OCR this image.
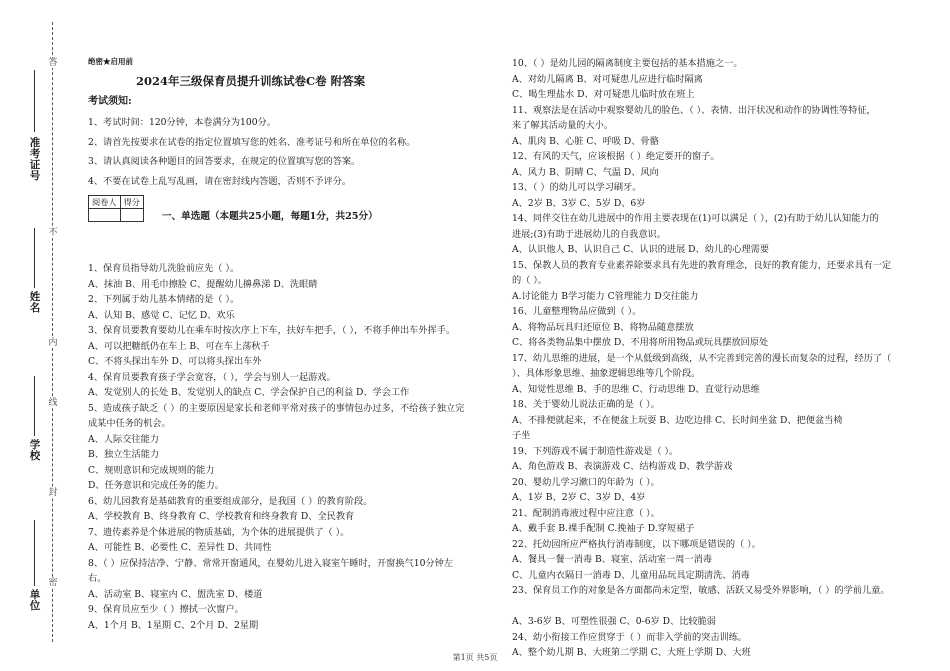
答
不
内
线
封
密
准考证号
姓名
学校
单位
绝密★启用前
2024年三级保育员提升训练试卷C卷 附答案
考试须知:
1、考试时间：120分钟，本卷满分为100分。
2、请首先按要求在试卷的指定位置填写您的姓名、准考证号和所在单位的名称。
3、请认真阅读各种题目的回答要求，在规定的位置填写您的答案。
4、不要在试卷上乱写乱画，请在密封线内答题，否则不予评分。
阅卷人	得分

一、单选题（本题共25小题，每题1分，共25分）
1、保育员指导幼儿洗脸前应先（ ）。
A、抹油 B、用毛巾擦脸 C、提醒幼儿擤鼻涕 D、洗眼睛
2、下列属于幼儿基本情绪的是（ ）。
A、认知 B、感觉 C、记忆 D、欢乐
3、保育员要教育要幼儿在乘车时按次序上下车，扶好车把手，（ ），不将手伸出车外挥手。
A、可以把糖纸仍在车上 B、可在车上荡秋千
C、不将头探出车外 D、可以将头探出车外
4、保育员要教育孩子学会宽容，（ ），学会与别人一起游戏。
A、发觉别人的长处 B、发觉别人的缺点 C、学会保护自己的利益 D、学会工作
5、造成孩子缺乏（ ）的主要原因是家长和老师平常对孩子的事情包办过多，不给孩子独立完
成某中任务的机会。
A、人际交往能力
B、独立生活能力
C、规则意识和完成规则的能力
D、任务意识和完成任务的能力。
6、幼儿园教育是基础教育的重要组成部分，是我国（ ）的教育阶段。
A、学校教育 B、终身教育 C、学校教育和终身教育 D、全民教育
7、遗传素养是个体进展的物质基础，为个体的进展提供了（ ）。
A、可能性 B、必要性 C、差异性 D、共同性
8、（ ）应保持洁净、宁静、常常开窗通风，在婴幼儿进入寝室午睡时，开窗换气10分钟左
右。
A、活动室 B、寝室内 C、盥洗室 D、楼道
9、保育员应至少（ ）擦拭一次窗户。
A、1个月 B、1星期 C、2个月 D、2星期
10、（ ）是幼儿园的隔离制度主要包括的基本措施之一。
A、对幼儿隔离 B、对可疑患儿应进行临时隔离
C、喝生理盐水 D、对可疑患儿临时放在班上
11、观察法是在活动中观察婴幼儿的脸色、（ ）、表情、出汗状况和动作的协调性等特征，
来了解其活动量的大小。
A、肌肉 B、心脏 C、呼吸 D、骨骼
12、有风的天气，应该根据（ ）绝定要开的窗子。
A、风力 B、阴晴 C、气温 D、风向
13、（ ）的幼儿可以学习刷牙。
A、2岁 B、3岁 C、5岁 D、6岁
14、同伴交往在幼儿进展中的作用主要表现在(1)可以满足（ ），(2)有助于幼儿认知能力的
进展;(3)有助于进展幼儿的自我意识。
A、认识他人 B、认识自己 C、认识的进展 D、幼儿的心理需要
15、保教人员的教育专业素养除要求具有先进的教育理念，良好的教育能力，还要求具有一定
的（ ）。
A.讨论能力 B学习能力 C管理能力 D交往能力
16、儿童整理物品应做到（ ）。
A、将物品玩具归还原位 B、将物品随意摆放
C、将各类物品集中摆放 D、不用将所用物品或玩具摆放回原处
17、幼儿思维的进展，是一个从低级到高级，从不完善到完善的漫长而复杂的过程，经历了（
）、具体形象思维、抽象逻辑思维等几个阶段。
A、知觉性思维 B、手的思维 C、行动思维 D、直觉行动思维
18、关于婴幼儿说法正确的是（ ）。
A、不排便就起来，不在便盆上玩耍 B、边吃边排 C、长时间坐盆 D、把便盆当椅
子坐
19、下列游戏不属于制造性游戏是（ ）。
A、角色游戏 B、表演游戏 C、结构游戏 D、教学游戏
20、婴幼儿学习漱口的年龄为（ ）。
A、1岁 B、2岁 C、3岁 D、4岁
21、配制消毒液过程中应注意（ ）。
A、戴手套 B.裸手配制 C.挽袖子 D.穿短裙子
22、托幼园所应严格执行消毒制度，以下哪项是错误的（ ）。
A、餐具一餐一消毒 B、寝室、活动室一周一消毒
C、儿童内衣隔日一消毒 D、儿童用品玩具定期清洗、消毒
23、保育员工作的对象是各方面都尚未定型，敏感、活跃又易受外界影响，（ ）的学前儿童。
A、3-6岁 B、可塑性很强 C、0-6岁 D、比较脆弱
24、幼小衔接工作应贯穿于（ ）而非入学前的突击训练。
A、整个幼儿期 B、大班第二学期 C、大班上学期 D、大班
第1页 共5页
